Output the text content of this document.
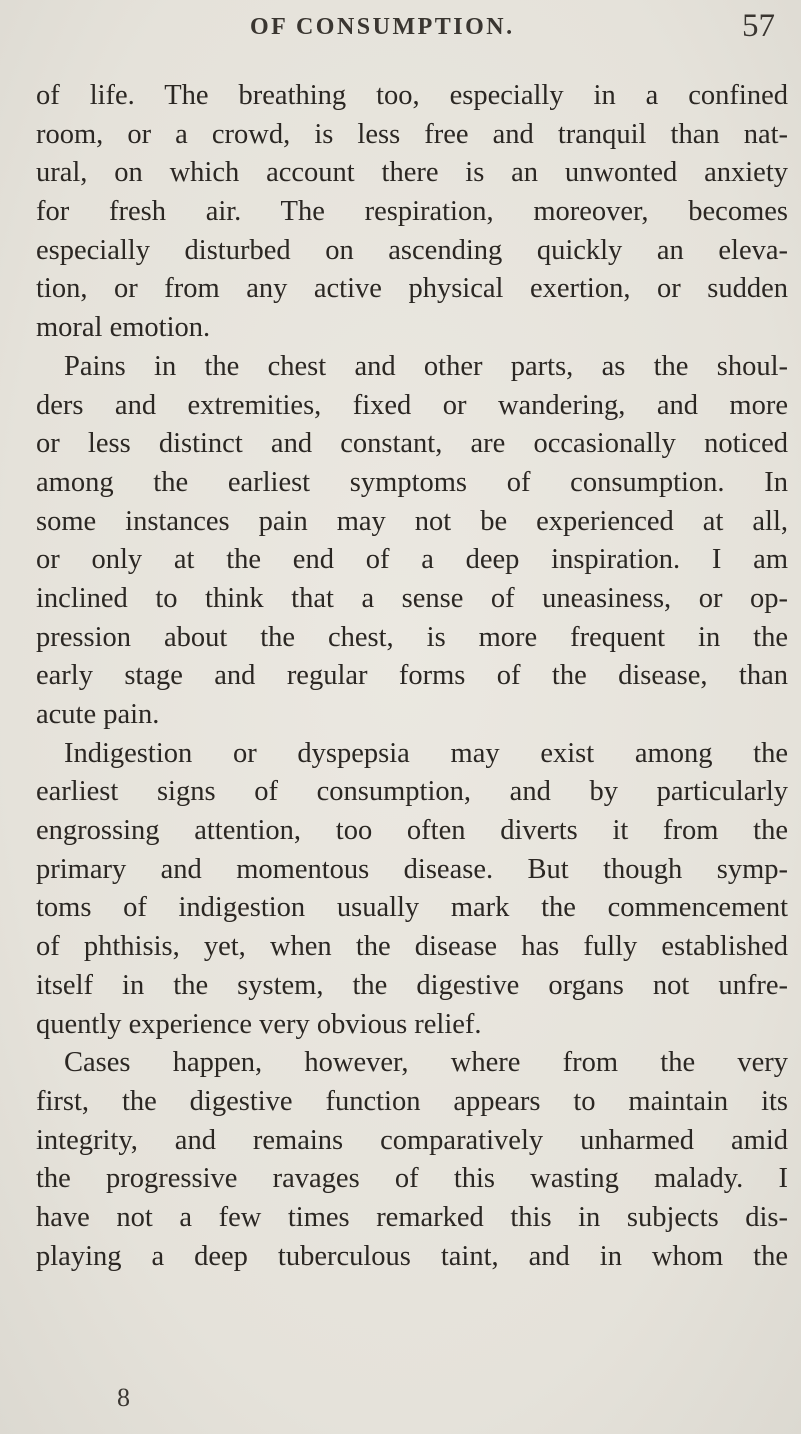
OF CONSUMPTION.	57
of life. The breathing too, especially in a confined
room, or a crowd, is less free and tranquil than nat-
ural, on which account there is an unwonted anxiety
for fresh air. The respiration, moreover, becomes
especially disturbed on ascending quickly an eleva-
tion, or from any active physical exertion, or sudden
moral emotion.
Pains in the chest and other parts, as the shoul-
ders and extremities, fixed or wandering, and more
or less distinct and constant, are occasionally noticed
among the earliest symptoms of consumption. In
some instances pain may not be experienced at all,
or only at the end of a deep inspiration. I am
inclined to think that a sense of uneasiness, or op-
pression about the chest, is more frequent in the
early stage and regular forms of the disease, than
acute pain.
Indigestion or dyspepsia may exist among the
earliest signs of consumption, and by particularly
engrossing attention, too often diverts it from the
primary and momentous disease. But though symp-
toms of indigestion usually mark the commencement
of phthisis, yet, when the disease has fully established
itself in the system, the digestive organs not unfre-
quently experience very obvious relief.
Cases happen, however, where from the very
first, the digestive function appears to maintain its
integrity, and remains comparatively unharmed amid
the progressive ravages of this wasting malady. I
have not a few times remarked this in subjects dis-
playing a deep tuberculous taint, and in whom the
8
